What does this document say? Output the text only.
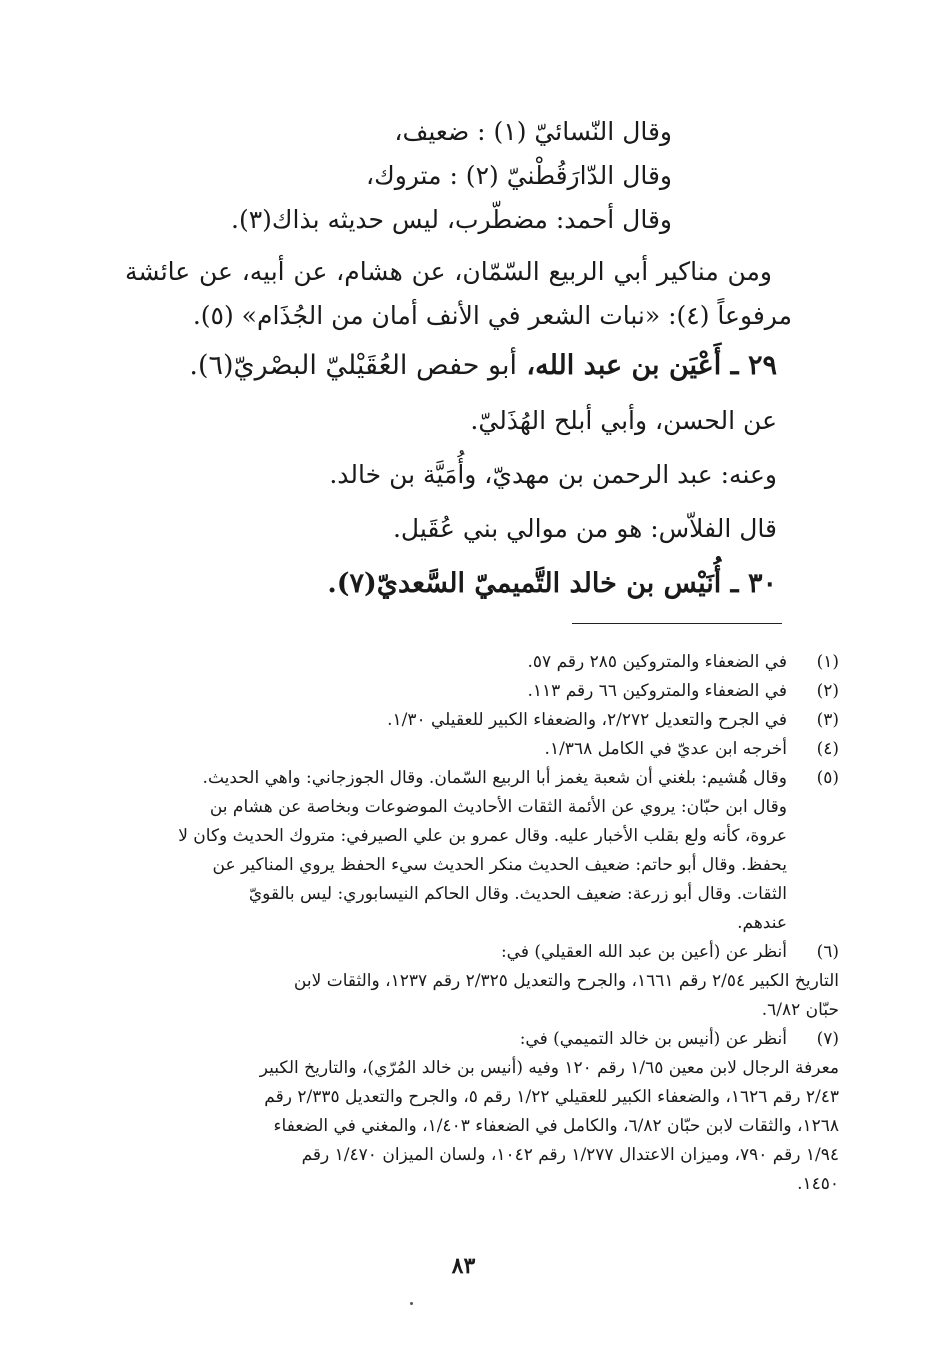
وقال النّسائيّ (١) : ضعيف،
وقال الدّارَقُطْنيّ (٢) : متروك،
وقال أحمد: مضطّرب، ليس حديثه بذاك(٣).
ومن مناكير أبي الربيع السّمّان، عن هشام، عن أبيه، عن عائشة
مرفوعاً (٤): «نبات الشعر في الأنف أمان من الجُذَام» (٥).
٢٩ ـ أَعْيَن بن عبد الله، أبو حفص العُقَيْليّ البصْريّ(٦).
عن الحسن، وأبي أبلح الهُذَليّ.
وعنه: عبد الرحمن بن مهديّ، وأُمَيَّة بن خالد.
قال الفلاّس: هو من موالي بني عُقَيل.
٣٠ ـ أُنَيْس بن خالد التَّميميّ السَّعديّ(٧).
(١)
في الضعفاء والمتروكين ٢٨٥ رقم ٥٧.
(٢)
في الضعفاء والمتروكين ٦٦ رقم ١١٣.
(٣)
في الجرح والتعديل ٢/٢٧٢، والضعفاء الكبير للعقيلي ١/٣٠.
(٤)
أخرجه ابن عديّ في الكامل ١/٣٦٨.
(٥)
وقال هُشيم: بلغني أن شعبة يغمز أبا الربيع السّمان. وقال الجوزجاني: واهي الحديث.
وقال ابن حبّان: يروي عن الأئمة الثقات الأحاديث الموضوعات وبخاصة عن هشام بن
عروة، كأنه ولع بقلب الأخبار عليه. وقال عمرو بن علي الصيرفي: متروك الحديث وكان لا
يحفظ. وقال أبو حاتم: ضعيف الحديث منكر الحديث سيء الحفظ يروي المناكير عن
الثقات. وقال أبو زرعة: ضعيف الحديث. وقال الحاكم النيسابوري: ليس بالقويّ
عندهم.
(٦)
أنظر عن (أعين بن عبد الله العقيلي) في:
التاريخ الكبير ٢/٥٤ رقم ١٦٦١، والجرح والتعديل ٢/٣٢٥ رقم ١٢٣٧، والثقات لابن
حبّان ٦/٨٢.
(٧)
أنظر عن (أنيس بن خالد التميمي) في:
معرفة الرجال لابن معين ١/٦٥ رقم ١٢٠ وفيه (أنيس بن خالد المُرّي)، والتاريخ الكبير
٢/٤٣ رقم ١٦٢٦، والضعفاء الكبير للعقيلي ١/٢٢ رقم ٥، والجرح والتعديل ٢/٣٣٥ رقم
١٢٦٨، والثقات لابن حبّان ٦/٨٢، والكامل في الضعفاء ١/٤٠٣، والمغني في الضعفاء
١/٩٤ رقم ٧٩٠، وميزان الاعتدال ١/٢٧٧ رقم ١٠٤٢، ولسان الميزان ١/٤٧٠ رقم
١٤٥٠.
٨٣
